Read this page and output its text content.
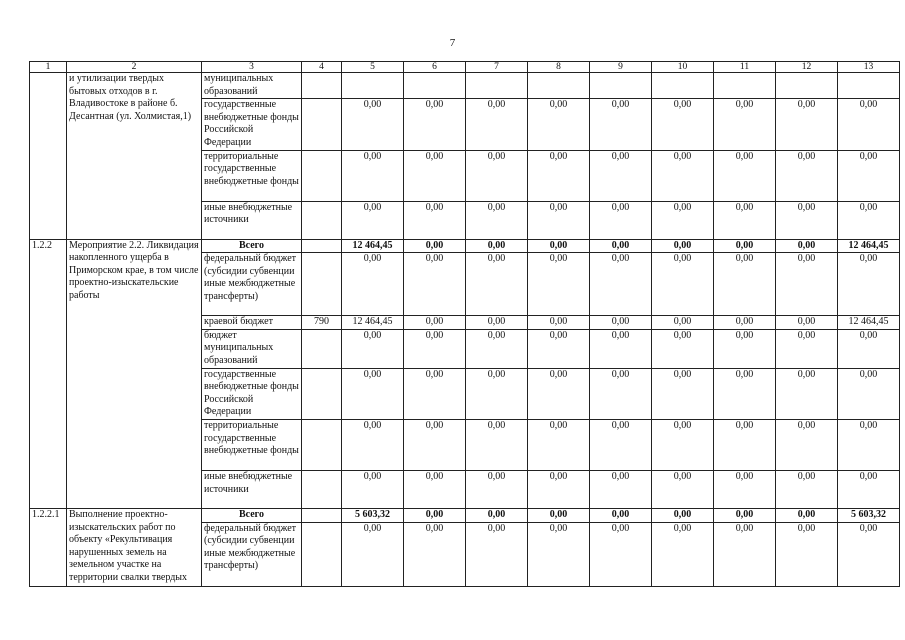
7
1	2	3	4	5	6	7	8	9	10	11	12	13
	и утилизации твердых бытовых отходов в г. Владивостоке в районе б. Десантная (ул. Холмистая,1)	муниципальных образований										
		государственные внебюджетные фонды Российской Федерации		0,00	0,00	0,00	0,00	0,00	0,00	0,00	0,00	0,00
		территориальные государственные внебюджетные фонды		0,00	0,00	0,00	0,00	0,00	0,00	0,00	0,00	0,00
		иные внебюджетные источники		0,00	0,00	0,00	0,00	0,00	0,00	0,00	0,00	0,00
1.2.2	Мероприятие 2.2. Ликвидация накопленного ущерба в Приморском крае, в том числе проектно-изыскательские работы	Всего		12 464,45	0,00	0,00	0,00	0,00	0,00	0,00	0,00	12 464,45
		федеральный бюджет (субсидии субвенции иные межбюджетные трансферты)		0,00	0,00	0,00	0,00	0,00	0,00	0,00	0,00	0,00
		краевой бюджет	790	12 464,45	0,00	0,00	0,00	0,00	0,00	0,00	0,00	12 464,45
		бюджет муниципальных образований		0,00	0,00	0,00	0,00	0,00	0,00	0,00	0,00	0,00
		государственные внебюджетные фонды Российской Федерации		0,00	0,00	0,00	0,00	0,00	0,00	0,00	0,00	0,00
		территориальные государственные внебюджетные фонды		0,00	0,00	0,00	0,00	0,00	0,00	0,00	0,00	0,00
		иные внебюджетные источники		0,00	0,00	0,00	0,00	0,00	0,00	0,00	0,00	0,00
1.2.2.1	Выполнение проектно-изыскательских работ по объекту «Рекультивация нарушенных земель на земельном участке на территории свалки твердых	Всего		5 603,32	0,00	0,00	0,00	0,00	0,00	0,00	0,00	5 603,32
		федеральный бюджет (субсидии субвенции иные межбюджетные трансферты)		0,00	0,00	0,00	0,00	0,00	0,00	0,00	0,00	0,00
